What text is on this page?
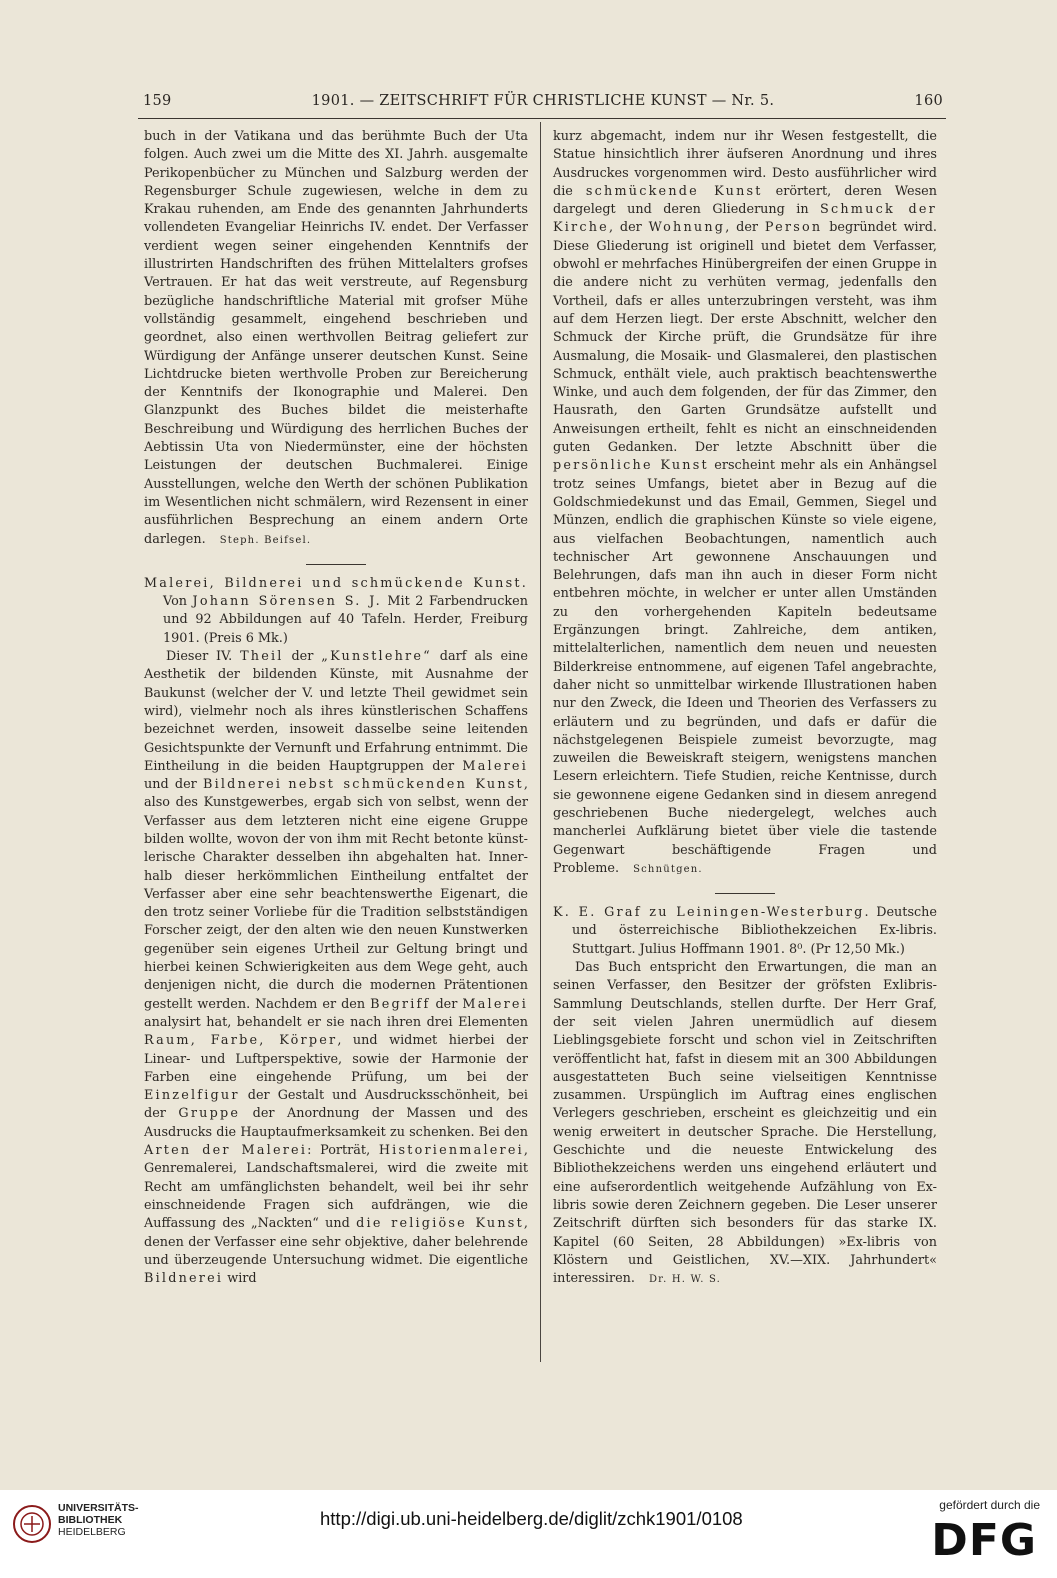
159	1901. — ZEITSCHRIFT FÜR CHRISTLICHE KUNST — Nr. 5.	160

buch in der Vatikana und das berühmte Buch der Uta folgen. Auch zwei um die Mitte des XI. Jahrh. ausgemalte Perikopenbücher zu München und Salzburg werden der Regensburger Schule zugewiesen, welche in dem zu Krakau ruhenden, am Ende des genannten Jahrhunderts vollendeten Evangeliar Heinrichs IV. endet. Der Verfasser verdient wegen seiner eingehenden Kenntnifs der illustrirten Handschriften des frühen Mittelalters grofses Vertrauen. Er hat das weit verstreute, auf Regensburg bezügliche handschriftliche Material mit grofser Mühe vollständig gesammelt, eingehend beschrieben und geordnet, also einen werthvollen Beitrag geliefert zur Würdigung der Anfänge unserer deutschen Kunst. Seine Lichtdrucke bieten werthvolle Proben zur Bereicherung der Kenntnifs der Ikonographie und Malerei. Den Glanzpunkt des Buches bildet die meisterhafte Beschreibung und Würdigung des herrlichen Buches der Aebtissin Uta von Niedermünster, eine der höchsten Leistungen der deutschen Buchmalerei. Einige Ausstellungen, welche den Werth der schönen Publikation im Wesentlichen nicht schmälern, wird Rezensent in einer ausführlichen Besprechung an einem andern Orte darlegen. Steph. Beifsel.

Malerei, Bildnerei und schmückende Kunst. Von Johann Sörensen S. J. Mit 2 Farbendrucken und 92 Abbildungen auf 40 Tafeln. Herder, Freiburg 1901. (Preis 6 Mk.)

Dieser IV. Theil der „Kunstlehre“ darf als eine Aesthetik der bildenden Künste, mit Ausnahme der Baukunst (welcher der V. und letzte Theil gewidmet sein wird), vielmehr noch als ihres künstlerischen Schaffens bezeichnet werden, insoweit dasselbe seine leitenden Gesichtspunkte der Vernunft und Erfahrung entnimmt. Die Eintheilung in die beiden Hauptgruppen der Malerei und der Bildnerei nebst schmückenden Kunst, also des Kunstgewerbes, ergab sich von selbst, wenn der Verfasser aus dem letzteren nicht eine eigene Gruppe bilden wollte, wovon der von ihm mit Recht betonte künstlerische Charakter desselben ihn abgehalten hat. Innerhalb dieser herkömmlichen Eintheilung entfaltet der Verfasser aber eine sehr beachtenswerthe Eigenart, die den trotz seiner Vorliebe für die Tradition selbstständigen Forscher zeigt, der den alten wie den neuen Kunstwerken gegenüber sein eigenes Urtheil zur Geltung bringt und hierbei keinen Schwierigkeiten aus dem Wege geht, auch denjenigen nicht, die durch die modernen Prätentionen gestellt werden. Nachdem er den Begriff der Malerei analysirt hat, behandelt er sie nach ihren drei Elementen Raum, Farbe, Körper, und widmet hierbei der Linear- und Luftperspektive, sowie der Harmonie der Farben eine eingehende Prüfung, um bei der Einzelfigur der Gestalt und Ausdrucksschönheit, bei der Gruppe der Anordnung der Massen und des Ausdrucks die Hauptaufmerksamkeit zu schenken. Bei den Arten der Malerei: Porträt, Historienmalerei, Genremalerei, Landschaftsmalerei, wird die zweite mit Recht am umfänglichsten behandelt, weil bei ihr sehr einschneidende Fragen sich aufdrängen, wie die Auffassung des „Nackten“ und die religiöse Kunst, denen der Verfasser eine sehr objektive, daher belehrende und überzeugende Untersuchung widmet. Die eigentliche Bildnerei wird

kurz abgemacht, indem nur ihr Wesen festgestellt, die Statue hinsichtlich ihrer äufseren Anordnung und ihres Ausdruckes vorgenommen wird. Desto ausführlicher wird die schmückende Kunst erörtert, deren Wesen dargelegt und deren Gliederung in Schmuck der Kirche, der Wohnung, der Person begründet wird. Diese Gliederung ist originell und bietet dem Verfasser, obwohl er mehrfaches Hinübergreifen der einen Gruppe in die andere nicht zu verhüten vermag, jedenfalls den Vortheil, dafs er alles unterzubringen versteht, was ihm auf dem Herzen liegt. Der erste Abschnitt, welcher den Schmuck der Kirche prüft, die Grundsätze für ihre Ausmalung, die Mosaik- und Glasmalerei, den plastischen Schmuck, enthält viele, auch praktisch beachtenswerthe Winke, und auch dem folgenden, der für das Zimmer, den Hausrath, den Garten Grundsätze aufstellt und Anweisungen ertheilt, fehlt es nicht an einschneidenden guten Gedanken. Der letzte Abschnitt über die persönliche Kunst erscheint mehr als ein Anhängsel trotz seines Umfangs, bietet aber in Bezug auf die Goldschmiedekunst und das Email, Gemmen, Siegel und Münzen, endlich die graphischen Künste so viele eigene, aus vielfachen Beobachtungen, namentlich auch technischer Art gewonnene Anschauungen und Belehrungen, dafs man ihn auch in dieser Form nicht entbehren möchte, in welcher er unter allen Umständen zu den vorhergehenden Kapiteln bedeutsame Ergänzungen bringt. Zahlreiche, dem antiken, mittelalterlichen, namentlich dem neuen und neuesten Bilderkreise entnommene, auf eigenen Tafel angebrachte, daher nicht so unmittelbar wirkende Illustrationen haben nur den Zweck, die Ideen und Theorien des Verfassers zu erläutern und zu begründen, und dafs er dafür die nächstgelegenen Beispiele zumeist bevorzugte, mag zuweilen die Beweiskraft steigern, wenigstens manchen Lesern erleichtern. Tiefe Studien, reiche Kentnisse, durch sie gewonnene eigene Gedanken sind in diesem anregend geschriebenen Buche niedergelegt, welches auch mancherlei Aufklärung bietet über viele die tastende Gegenwart beschäftigende Fragen und Probleme. Schnütgen.

K. E. Graf zu Leiningen-Westerburg. Deutsche und österreichische Bibliothekzeichen Ex-libris. Stuttgart. Julius Hoffmann 1901. 8⁰. (Pr 12,50 Mk.)

Das Buch entspricht den Erwartungen, die man an seinen Verfasser, den Besitzer der gröfsten Exlibris-Sammlung Deutschlands, stellen durfte. Der Herr Graf, der seit vielen Jahren unermüdlich auf diesem Lieblingsgebiete forscht und schon viel in Zeitschriften veröffentlicht hat, fafst in diesem mit an 300 Abbildungen ausgestatteten Buch seine vielseitigen Kenntnisse zusammen. Urspünglich im Auftrag eines englischen Verlegers geschrieben, erscheint es gleichzeitig und ein wenig erweitert in deutscher Sprache. Die Herstellung, Geschichte und die neueste Entwickelung des Bibliothekzeichens werden uns eingehend erläutert und eine aufserordentlich weitgehende Aufzählung von Ex-libris sowie deren Zeichnern gegeben. Die Leser unserer Zeitschrift dürften sich besonders für das starke IX. Kapitel (60 Seiten, 28 Abbildungen) »Ex-libris von Klöstern und Geistlichen, XV.—XIX. Jahrhundert« interessiren. Dr. H. W. S.

UNIVERSITÄTS-
BIBLIOTHEK
HEIDELBERG
http://digi.ub.uni-heidelberg.de/diglit/zchk1901/0108
gefördert durch die
DFG
